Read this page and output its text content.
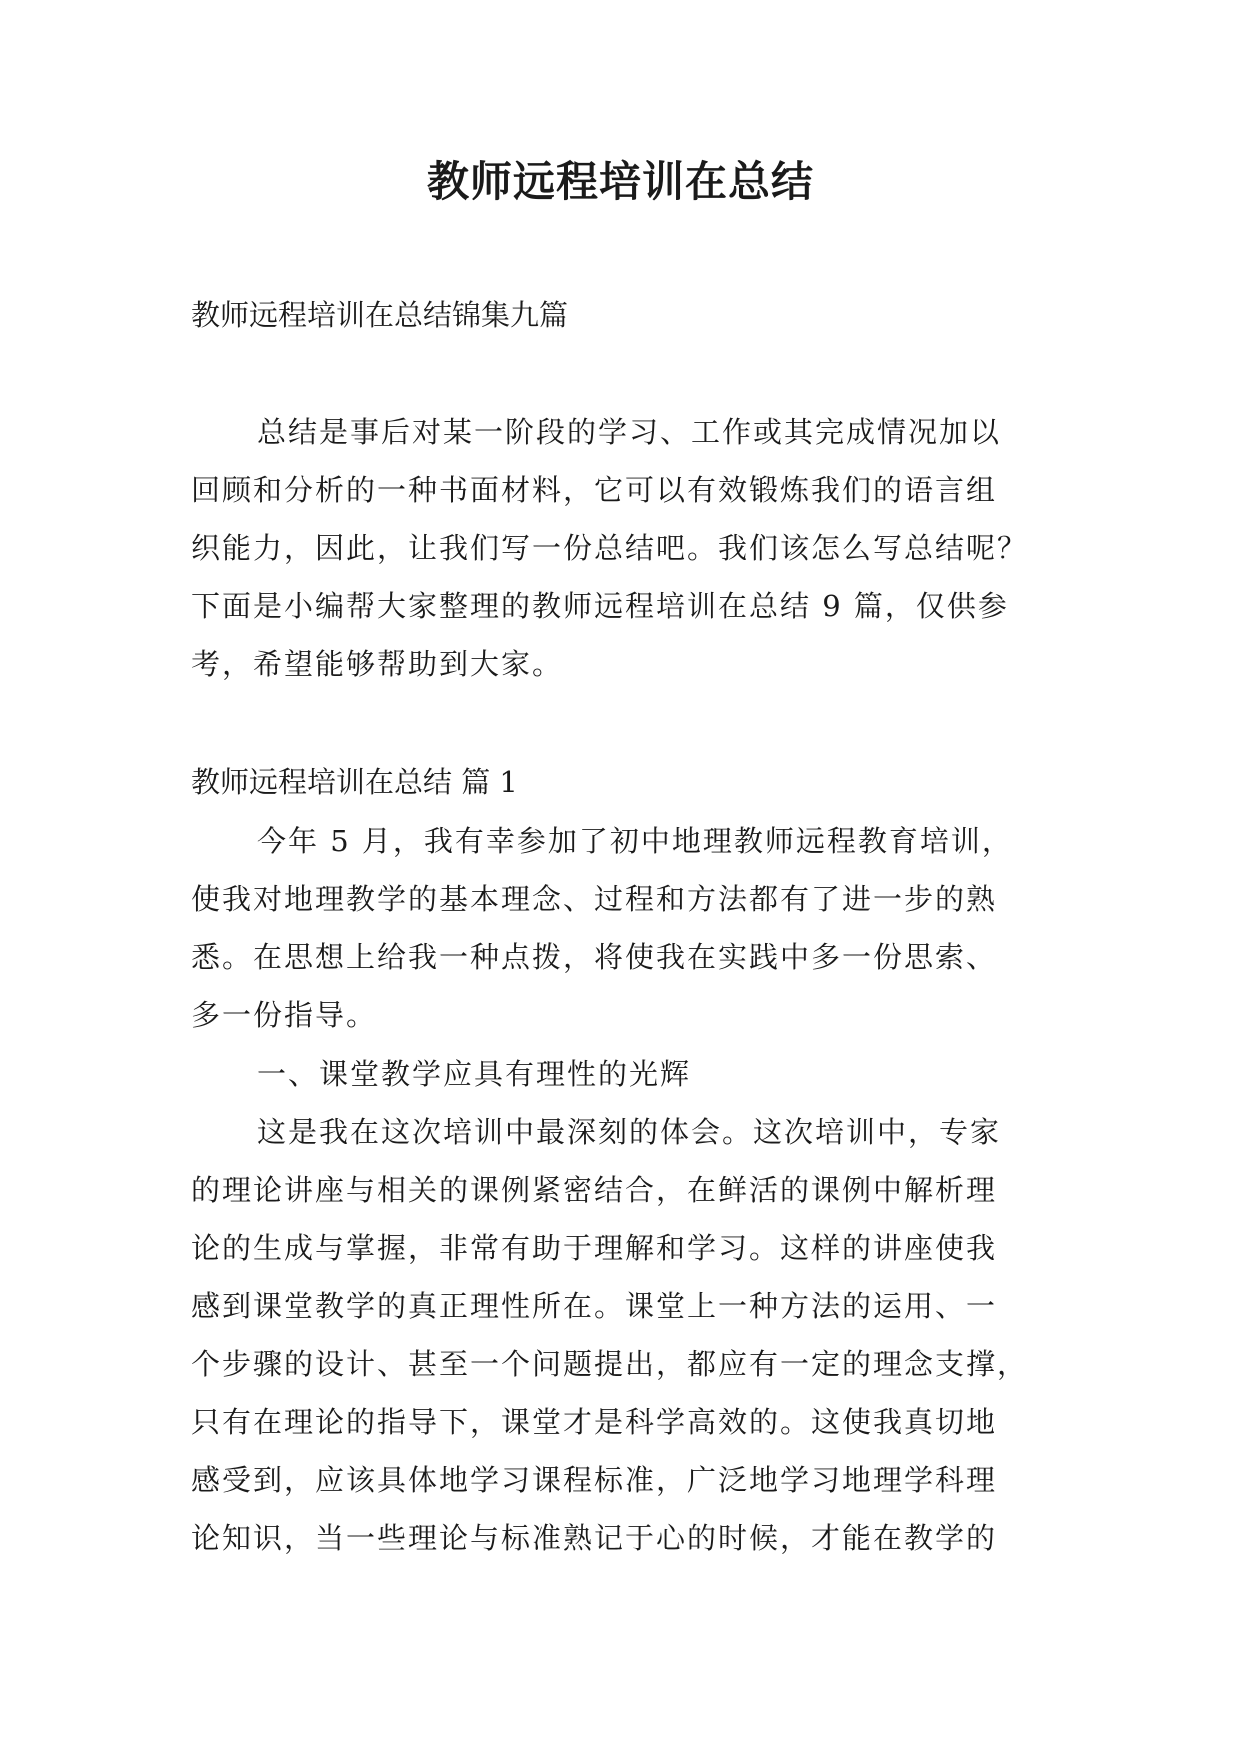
教师远程培训在总结

教师远程培训在总结锦集九篇

总结是事后对某一阶段的学习、工作或其完成情况加以
回顾和分析的一种书面材料，它可以有效锻炼我们的语言组
织能力，因此，让我们写一份总结吧。我们该怎么写总结呢？
下面是小编帮大家整理的教师远程培训在总结 9 篇，仅供参
考，希望能够帮助到大家。

教师远程培训在总结 篇 1

今年 5 月，我有幸参加了初中地理教师远程教育培训，
使我对地理教学的基本理念、过程和方法都有了进一步的熟
悉。在思想上给我一种点拨，将使我在实践中多一份思索、
多一份指导。
一、课堂教学应具有理性的光辉
这是我在这次培训中最深刻的体会。这次培训中，专家
的理论讲座与相关的课例紧密结合，在鲜活的课例中解析理
论的生成与掌握，非常有助于理解和学习。这样的讲座使我
感到课堂教学的真正理性所在。课堂上一种方法的运用、一
个步骤的设计、甚至一个问题提出，都应有一定的理念支撑，
只有在理论的指导下，课堂才是科学高效的。这使我真切地
感受到，应该具体地学习课程标准，广泛地学习地理学科理
论知识，当一些理论与标准熟记于心的时候，才能在教学的
